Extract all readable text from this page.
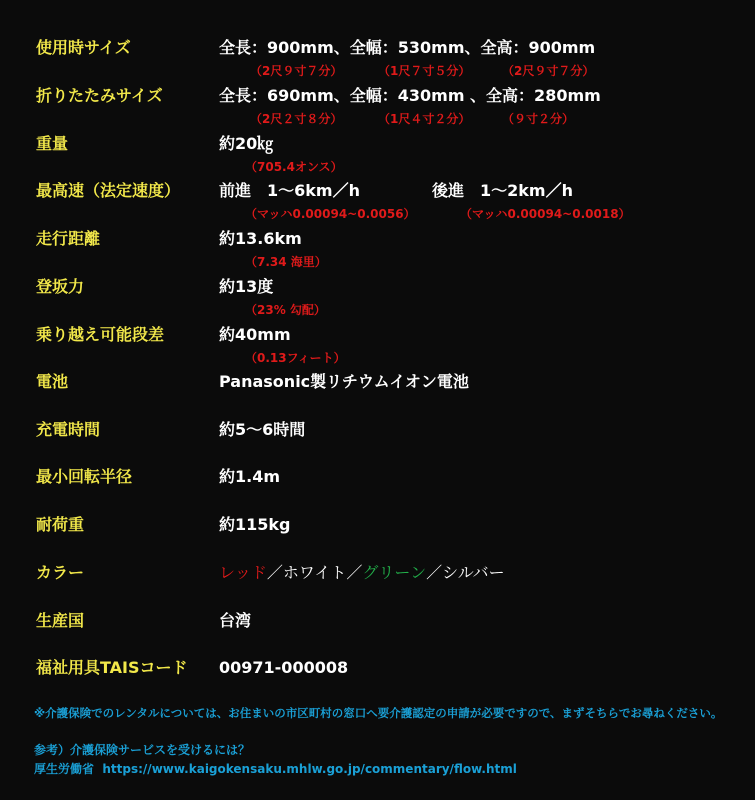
使用時サイズ	全長：900mm、全幅：530mm、全高：900mm
（2尺９寸７分）	（1尺７寸５分）	（2尺９寸７分）
折りたたみサイズ	全長：690mm、全幅：430mm 、全高：280mm
（2尺２寸８分）	（1尺４寸２分）	（９寸２分）
重量	約20㎏
（705.4オンス）
最高速（法定速度） 前進　1～6km／h	後進　1～2km／h
（マッハ0.00094~0.0056）	（マッハ0.00094~0.0018）
走行距離	約13.6km
（7.34 海里）
登坂力	約13度
（23% 勾配）
乗り越え可能段差	約40mm
（0.13フィート）
電池	Panasonic製リチウムイオン電池
充電時間	約5～6時間
最小回転半径	約1.4m
耐荷重	約115kg
カラー	レッド／ホワイト／グリーン／シルバー
生産国	台湾
福祉用具TAISコード 00971-000008
※介護保険でのレンタルについては、お住まいの市区町村の窓口へ要介護認定の申請が必要ですので、まずそちらでお尋ねください。
参考）介護保険サービスを受けるには？
厚生労働省 https://www.kaigokensaku.mhlw.go.jp/commentary/flow.html
